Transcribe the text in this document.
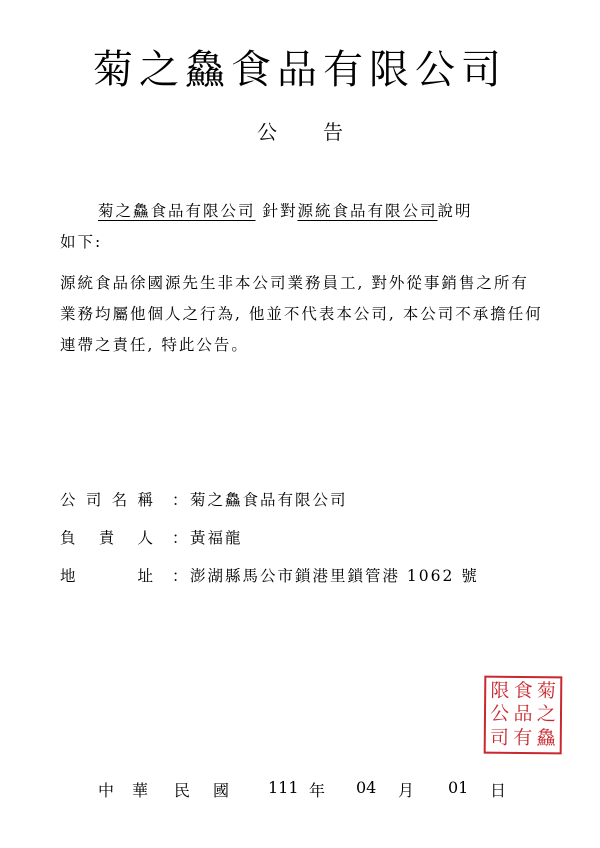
菊之鱻食品有限公司
公 告
菊之鱻食品有限公司 針對源統食品有限公司說明
如下:
源統食品徐國源先生非本公司業務員工, 對外從事銷售之所有業務均屬他個人之行為, 他並不代表本公司, 本公司不承擔任何連帶之責任, 特此公告。
公 司 名 稱 ：菊之鱻食品有限公司
負 責 人 ：黃福龍
地	址 ：澎湖縣馬公市鎖港里鎖管港 1062 號
限 食 菊
公 品 之
司 有 鱻
中 華 民 國 111 年 04 月 01 日
